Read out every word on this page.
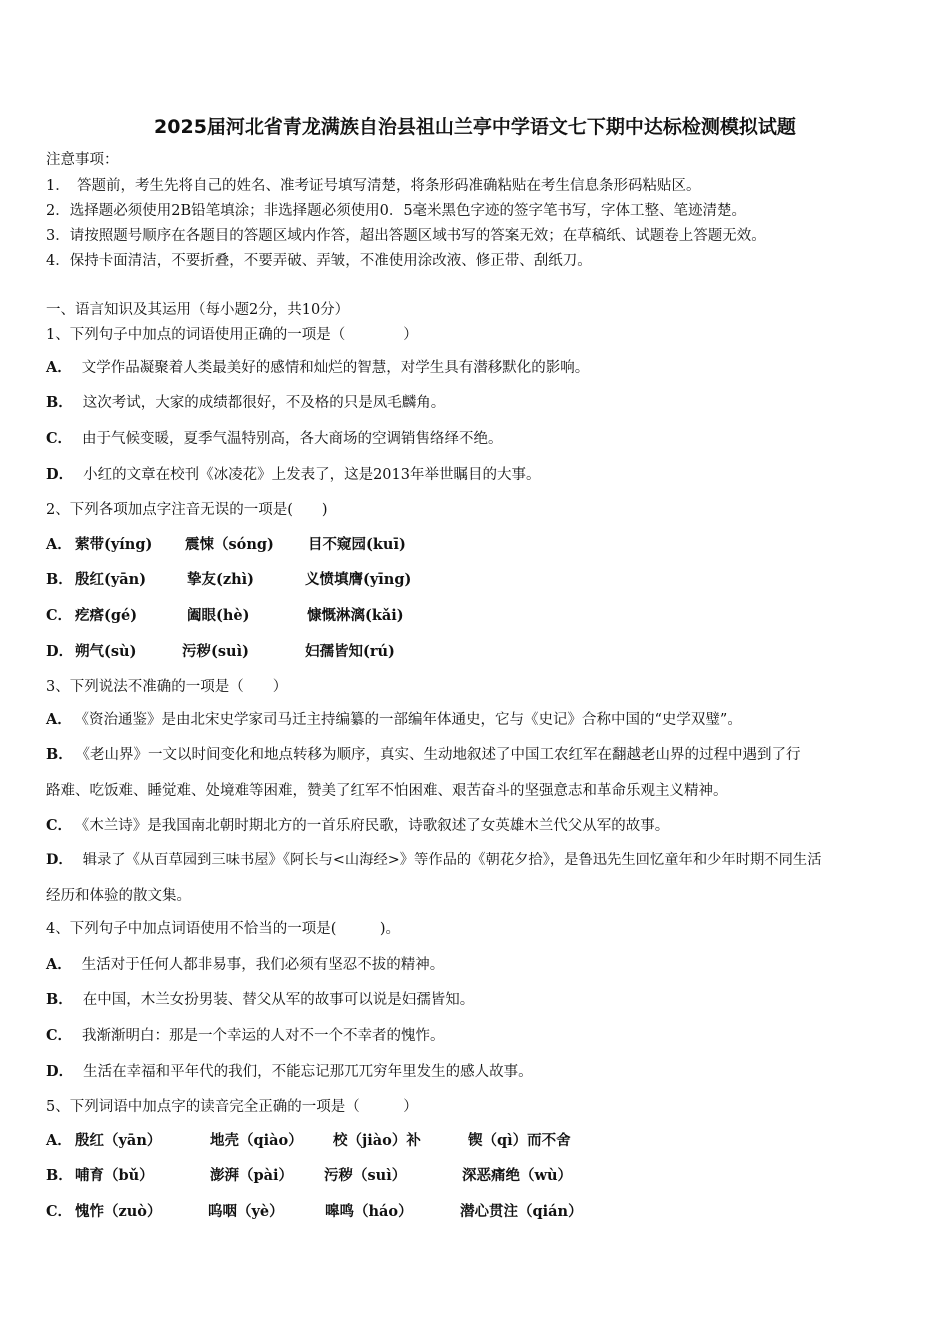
2025届河北省青龙满族自治县祖山兰亭中学语文七下期中达标检测模拟试题
注意事项：
1．　答题前，考生先将自己的姓名、准考证号填写清楚，将条形码准确粘贴在考生信息条形码粘贴区。
2．选择题必须使用2B铅笔填涂；非选择题必须使用0．5毫米黑色字迹的签字笔书写，字体工整、笔迹清楚。
3．请按照题号顺序在各题目的答题区域内作答，超出答题区域书写的答案无效；在草稿纸、试题卷上答题无效。
4．保持卡面清洁，不要折叠，不要弄破、弄皱，不准使用涂改液、修正带、刮纸刀。
一、语言知识及其运用（每小题2分，共10分）
1、下列句子中加点的词语使用正确的一项是（　　　　）
A． 文学作品凝聚着人类最美好的感情和灿烂的智慧，对学生具有潜移默化的影响。
B． 这次考试，大家的成绩都很好，不及格的只是凤毛麟角。
C． 由于气候变暖，夏季气温特别高，各大商场的空调销售络绎不绝。
D． 小红的文章在校刊《冰凌花》上发表了，这是2013年举世瞩目的大事。
2、下列各项加点字注音无误的一项是(　　)
A． 萦带(yíng) 震悚（sóng) 目不窥园(kuī)
B． 殷红(yān)	挚友(zhì)	义愤填膺(yīng)
C． 疙瘩(gé)	阖眼(hè)	慷慨淋漓(kǎi)
D． 朔气(sù)	污秽(suì)	妇孺皆知(rú)
3、下列说法不准确的一项是（　　）
A． 《资治通鉴》是由北宋史学家司马迁主持编纂的一部编年体通史，它与《史记》合称中国的“史学双璧”。
B． 《老山界》一文以时间变化和地点转移为顺序，真实、生动地叙述了中国工农红军在翻越老山界的过程中遇到了行
路难、吃饭难、睡觉难、处境难等困难，赞美了红军不怕困难、艰苦奋斗的坚强意志和革命乐观主义精神。
C． 《木兰诗》是我国南北朝时期北方的一首乐府民歌，诗歌叙述了女英雄木兰代父从军的故事。
D． 辑录了《从百草园到三味书屋》《阿长与<山海经>》等作品的《朝花夕拾》，是鲁迅先生回忆童年和少年时期不同生活
经历和体验的散文集。
4、下列句子中加点词语使用不恰当的一项是(　　　)。
A． 生活对于任何人都非易事，我们必须有坚忍不拔的精神。
B． 在中国，木兰女扮男装、替父从军的故事可以说是妇孺皆知。
C． 我渐渐明白：那是一个幸运的人对不一个不幸者的愧怍。
D． 生活在幸福和平年代的我们，不能忘记那兀兀穷年里发生的感人故事。
5、下列词语中加点字的读音完全正确的一项是（　　　）
A． 殷红（yān）	地壳（qiào） 校（jiào）补	锲（qì）而不舍
B． 哺育（bǔ）	澎湃（pài） 污秽（suì）	深恶痛绝（wù）
C． 愧怍（zuò）	呜咽（yè）	嗥鸣（háo）	潜心贯注（qián）
